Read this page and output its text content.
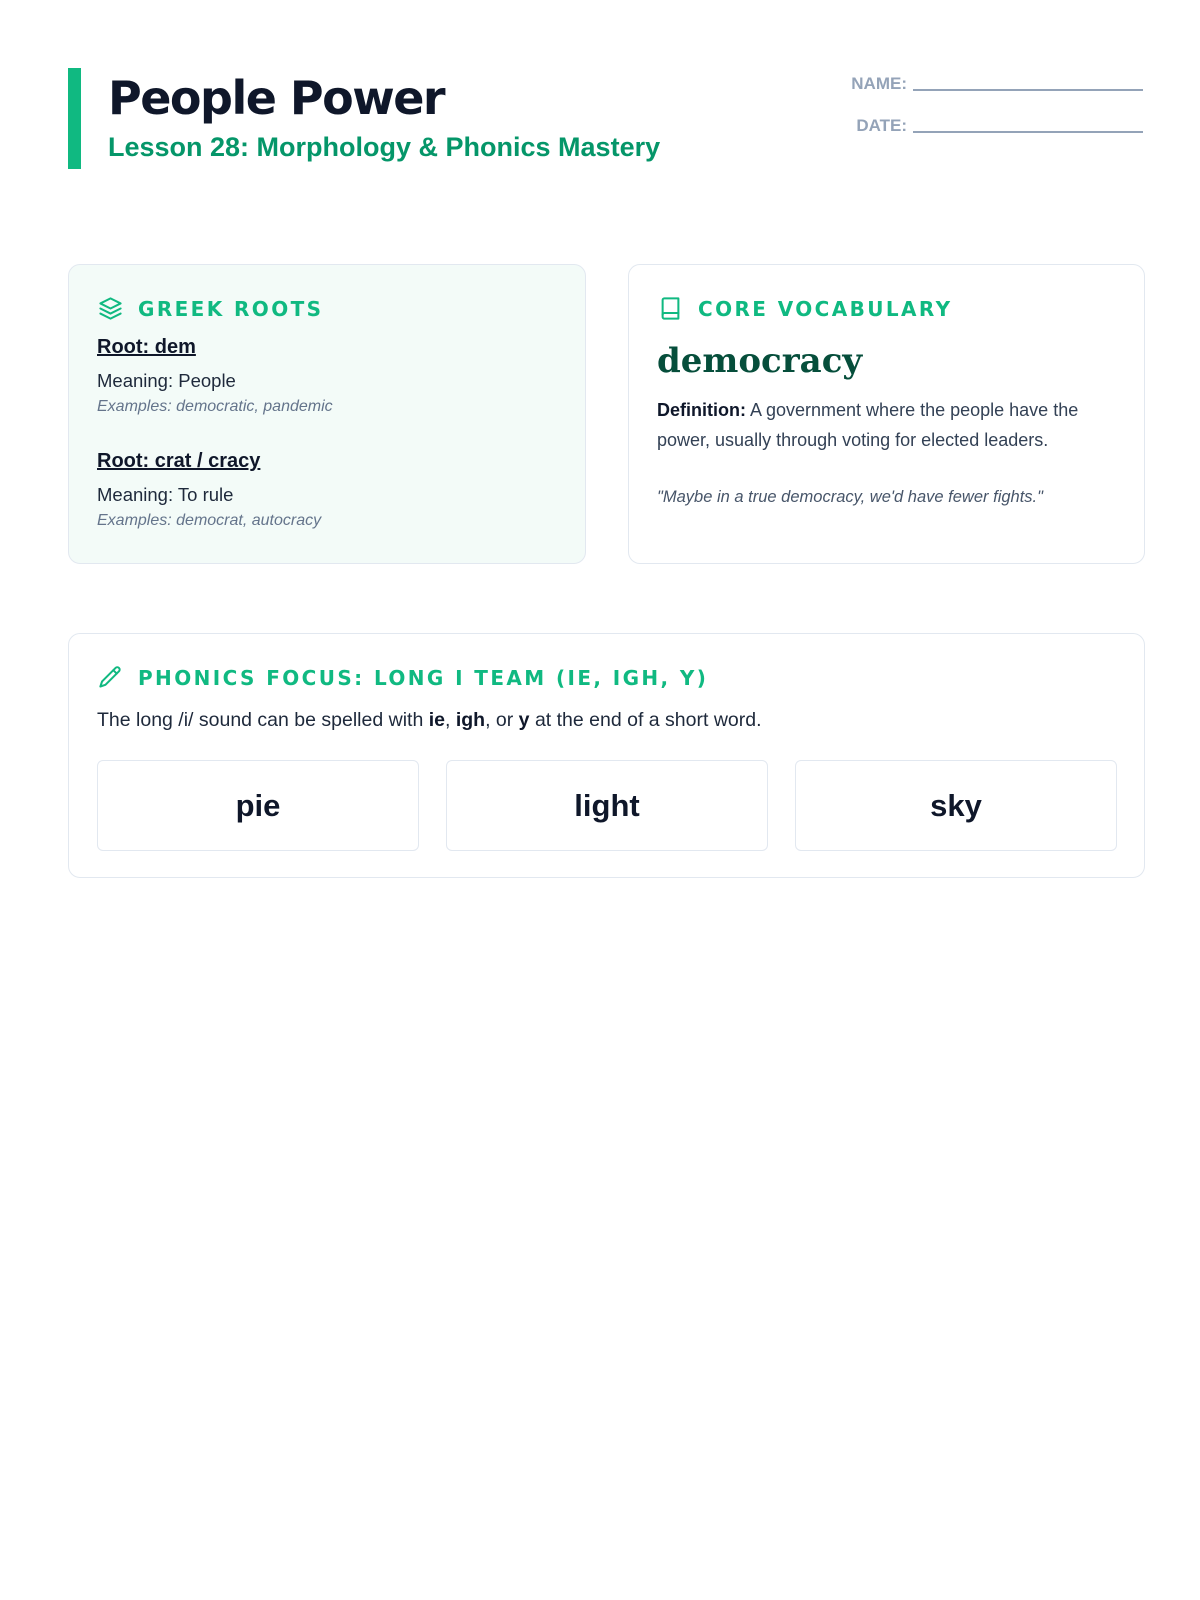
People Power
Lesson 28: Morphology & Phonics Mastery
NAME:
DATE:
GREEK ROOTS
Root: dem
Meaning: People
Examples: democratic, pandemic
Root: crat / cracy
Meaning: To rule
Examples: democrat, autocracy
CORE VOCABULARY
democracy
Definition: A government where the people have the power, usually through voting for elected leaders.
"Maybe in a true democracy, we'd have fewer fights."
PHONICS FOCUS: LONG I TEAM (IE, IGH, Y)
The long /i/ sound can be spelled with ie, igh, or y at the end of a short word.
pie	light	sky
